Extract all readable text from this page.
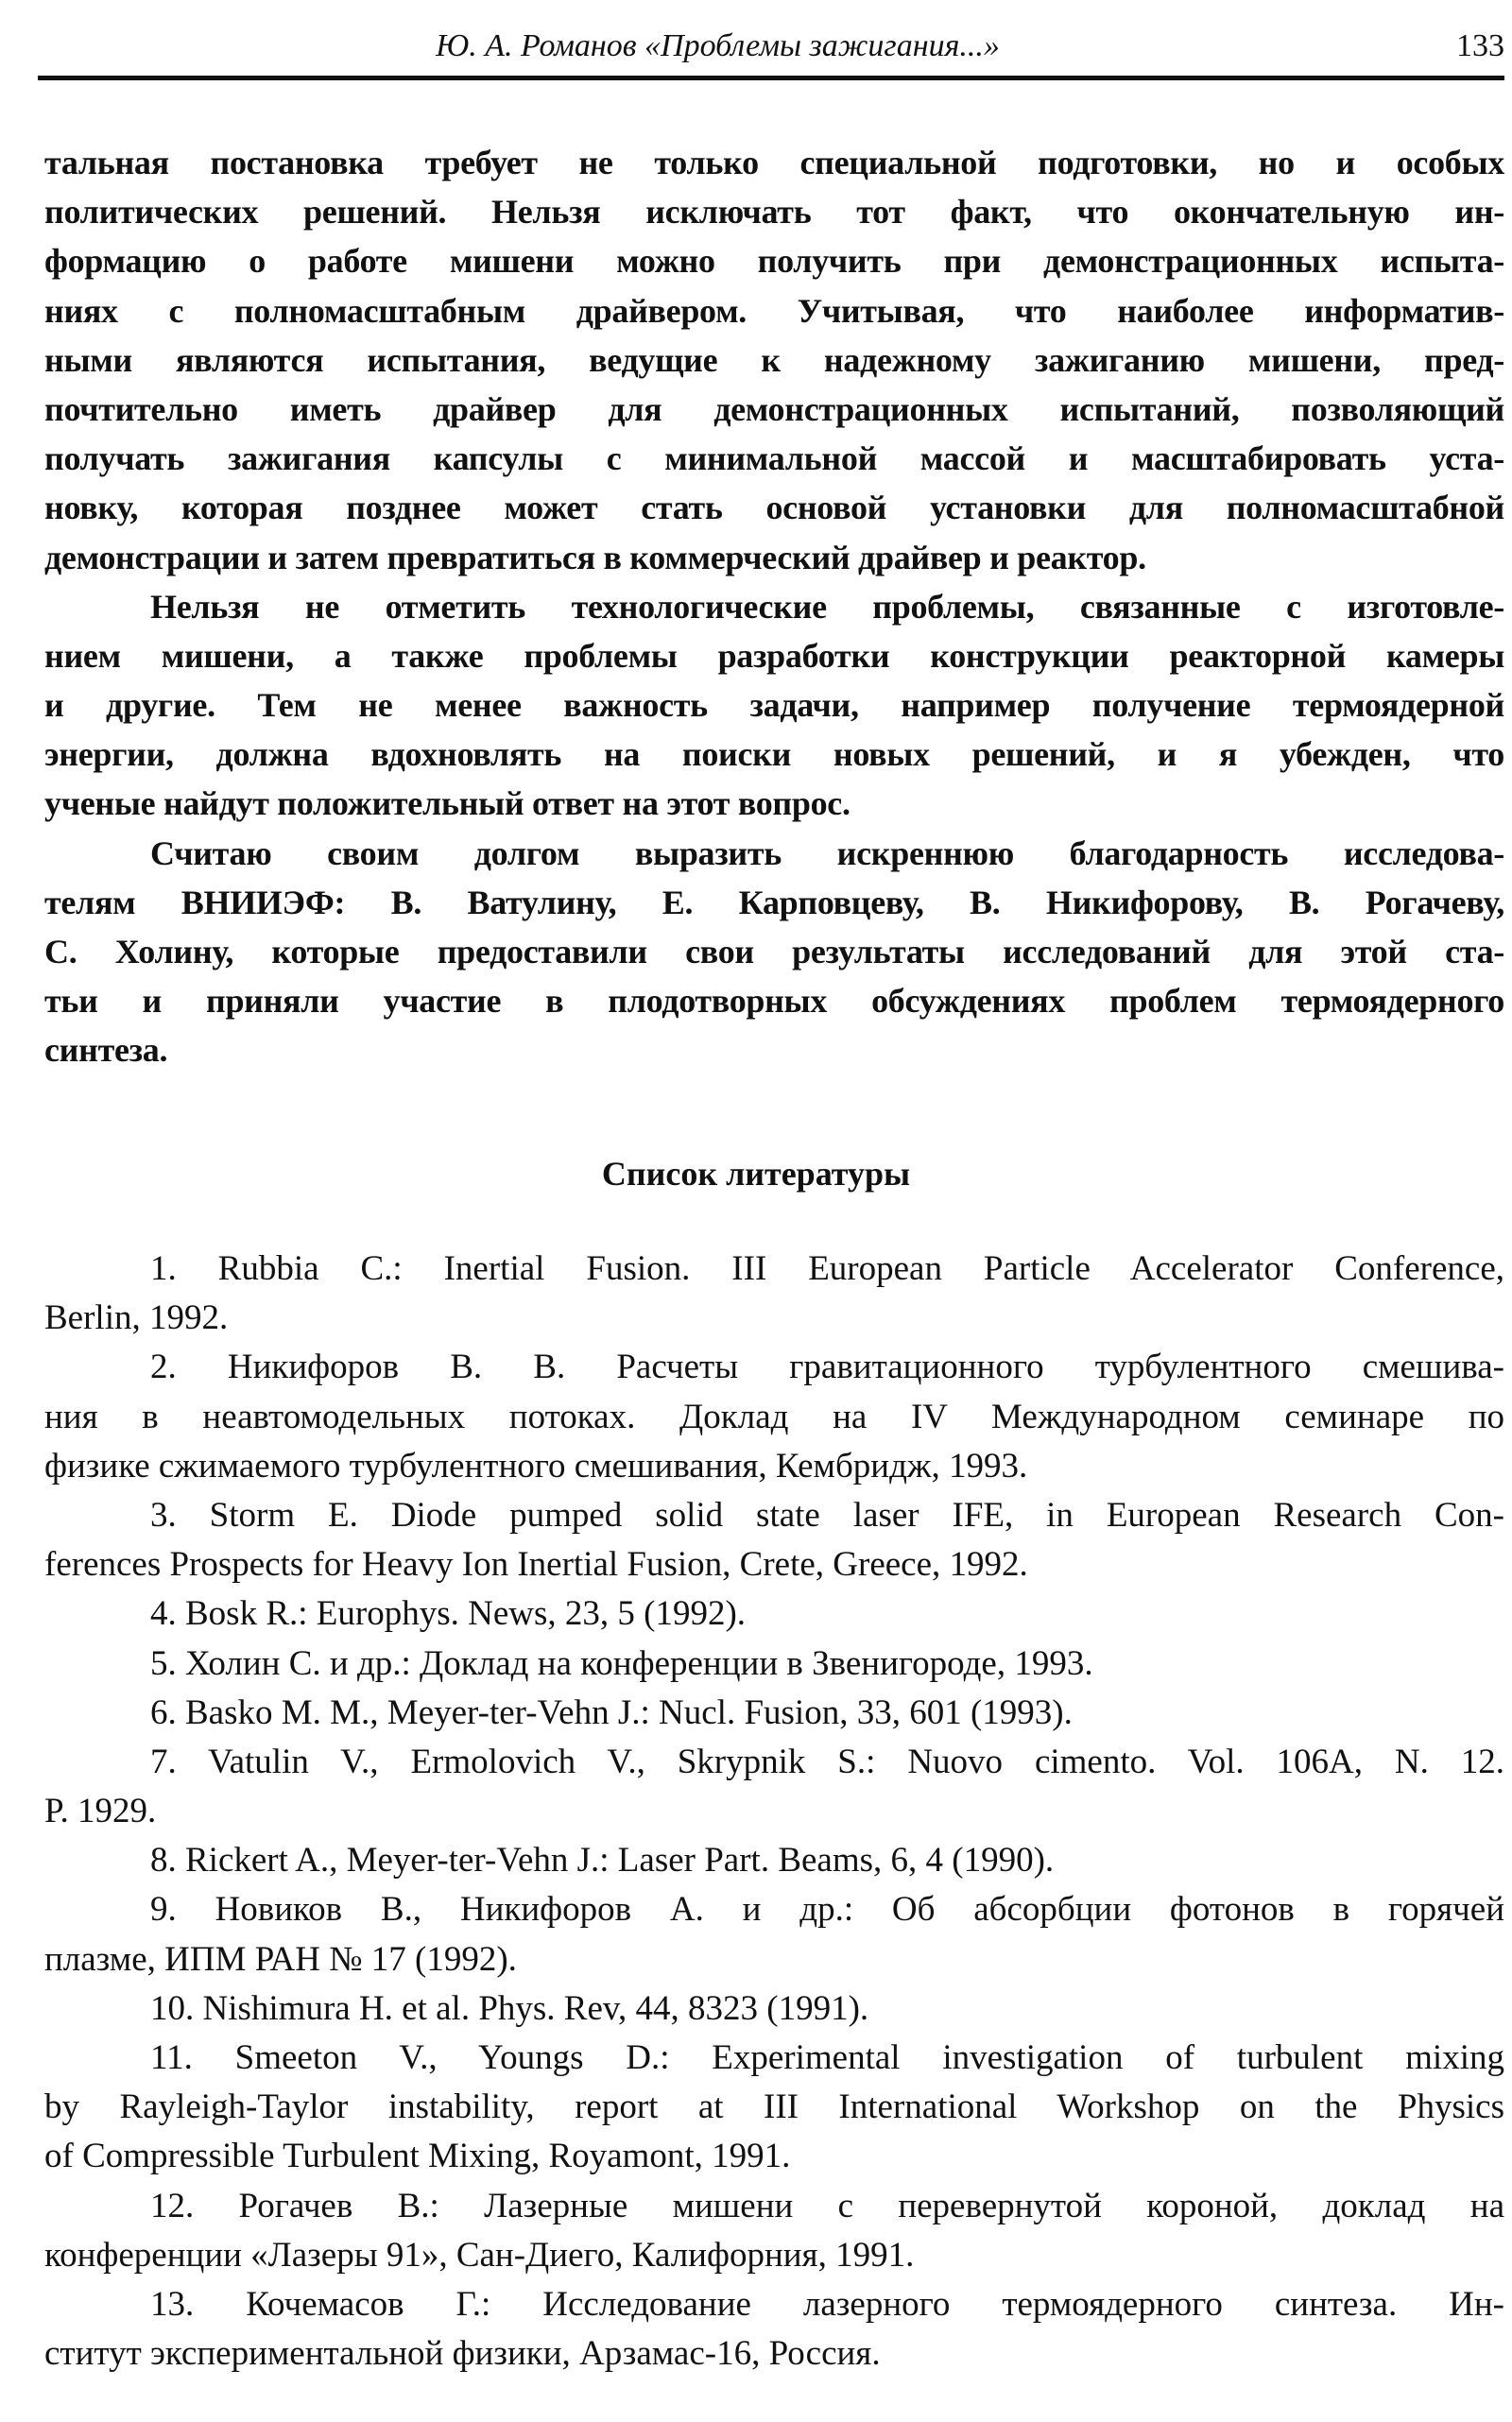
Ю. А. Романов «Проблемы зажигания...»	133
тальная постановка требует не только специальной подготовки, но и особых
политических решений. Нельзя исключать тот факт, что окончательную ин-
формацию о работе мишени можно получить при демонстрационных испыта-
ниях с полномасштабным драйвером. Учитывая, что наиболее информатив-
ными являются испытания, ведущие к надежному зажиганию мишени, пред-
почтительно иметь драйвер для демонстрационных испытаний, позволяющий
получать зажигания капсулы с минимальной массой и масштабировать уста-
новку, которая позднее может стать основой установки для полномасштабной
демонстрации и затем превратиться в коммерческий драйвер и реактор.
Нельзя не отметить технологические проблемы, связанные с изготовле-
нием мишени, а также проблемы разработки конструкции реакторной камеры
и другие. Тем не менее важность задачи, например получение термоядерной
энергии, должна вдохновлять на поиски новых решений, и я убежден, что
ученые найдут положительный ответ на этот вопрос.
Считаю своим долгом выразить искреннюю благодарность исследова-
телям ВНИИЭФ: В. Ватулину, Е. Карповцеву, В. Никифорову, В. Рогачеву,
С. Холину, которые предоставили свои результаты исследований для этой ста-
тьи и приняли участие в плодотворных обсуждениях проблем термоядерного
синтеза.
Список литературы
1. Rubbia C.: Inertial Fusion. III European Particle Accelerator Conference,
Berlin, 1992.
2. Никифоров В. В. Расчеты гравитационного турбулентного смешива-
ния в неавтомодельных потоках. Доклад на IV Международном семинаре по
физике сжимаемого турбулентного смешивания, Кембридж, 1993.
3. Storm E. Diode pumped solid state laser IFE, in European Research Con-
ferences Prospects for Heavy Ion Inertial Fusion, Crete, Greece, 1992.
4. Bosk R.: Europhys. News, 23, 5 (1992).
5. Холин С. и др.: Доклад на конференции в Звенигороде, 1993.
6. Basko M. M., Meyer-ter-Vehn J.: Nucl. Fusion, 33, 601 (1993).
7. Vatulin V., Ermolovich V., Skrypnik S.: Nuovo cimento. Vol. 106A, N. 12.
P. 1929.
8. Rickert A., Meyer-ter-Vehn J.: Laser Part. Beams, 6, 4 (1990).
9. Новиков В., Никифоров А. и др.: Об абсорбции фотонов в горячей
плазме, ИПМ РАН № 17 (1992).
10. Nishimura H. et al. Phys. Rev, 44, 8323 (1991).
11. Smeeton V., Youngs D.: Experimental investigation of turbulent mixing
by Rayleigh-Taylor instability, report at III International Workshop on the Physics
of Compressible Turbulent Mixing, Royamont, 1991.
12. Рогачев В.: Лазерные мишени с перевернутой короной, доклад на
конференции «Лазеры 91», Сан-Диего, Калифорния, 1991.
13. Кочемасов Г.: Исследование лазерного термоядерного синтеза. Ин-
ститут экспериментальной физики, Арзамас-16, Россия.
